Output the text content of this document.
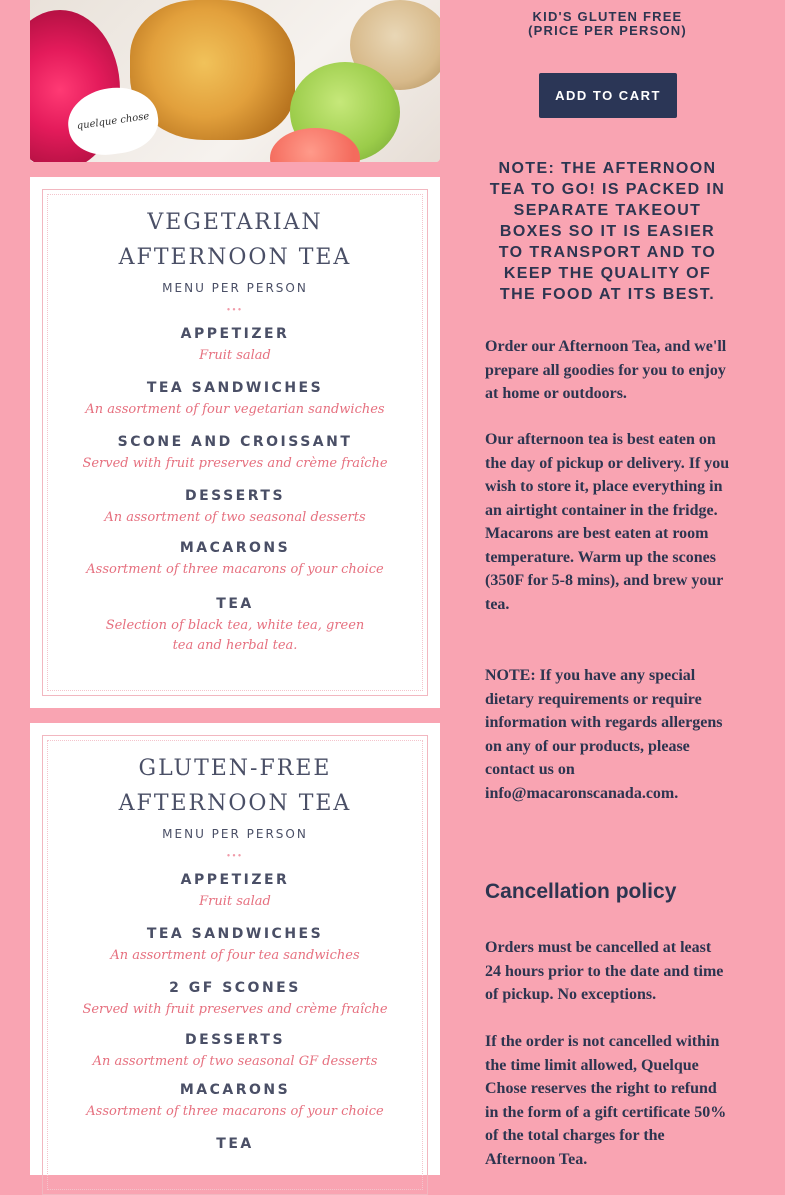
quelque chose
VEGETARIAN
AFTERNOON TEA
MENU PER PERSON
•••
APPETIZER
Fruit salad
TEA SANDWICHES
An assortment of four vegetarian sandwiches
SCONE AND CROISSANT
Served with fruit preserves and crème fraîche
DESSERTS
An assortment of two seasonal desserts
MACARONS
Assortment of three macarons of your choice
TEA
Selection of black tea, white tea, green tea and herbal tea.
GLUTEN-FREE
AFTERNOON TEA
MENU PER PERSON
•••
APPETIZER
Fruit salad
TEA SANDWICHES
An assortment of four tea sandwiches
2 GF SCONES
Served with fruit preserves and crème fraîche
DESSERTS
An assortment of two seasonal GF desserts
MACARONS
Assortment of three macarons of your choice
TEA
KID'S GLUTEN FREE
(PRICE PER PERSON)
ADD TO CART
NOTE: THE AFTERNOON TEA TO GO! IS PACKED IN SEPARATE TAKEOUT BOXES SO IT IS EASIER TO TRANSPORT AND TO KEEP THE QUALITY OF THE FOOD AT ITS BEST.
Order our Afternoon Tea, and we'll prepare all goodies for you to enjoy at home or outdoors.
Our afternoon tea is best eaten on the day of pickup or delivery. If you wish to store it, place everything in an airtight container in the fridge. Macarons are best eaten at room temperature. Warm up the scones (350F for 5-8 mins), and brew your tea.
NOTE: If you have any special dietary requirements or require information with regards allergens on any of our products, please contact us on info@macaronscanada.com.
Cancellation policy
Orders must be cancelled at least 24 hours prior to the date and time of pickup. No exceptions.
If the order is not cancelled within the time limit allowed, Quelque Chose reserves the right to refund in the form of a gift certificate 50% of the total charges for the Afternoon Tea.
